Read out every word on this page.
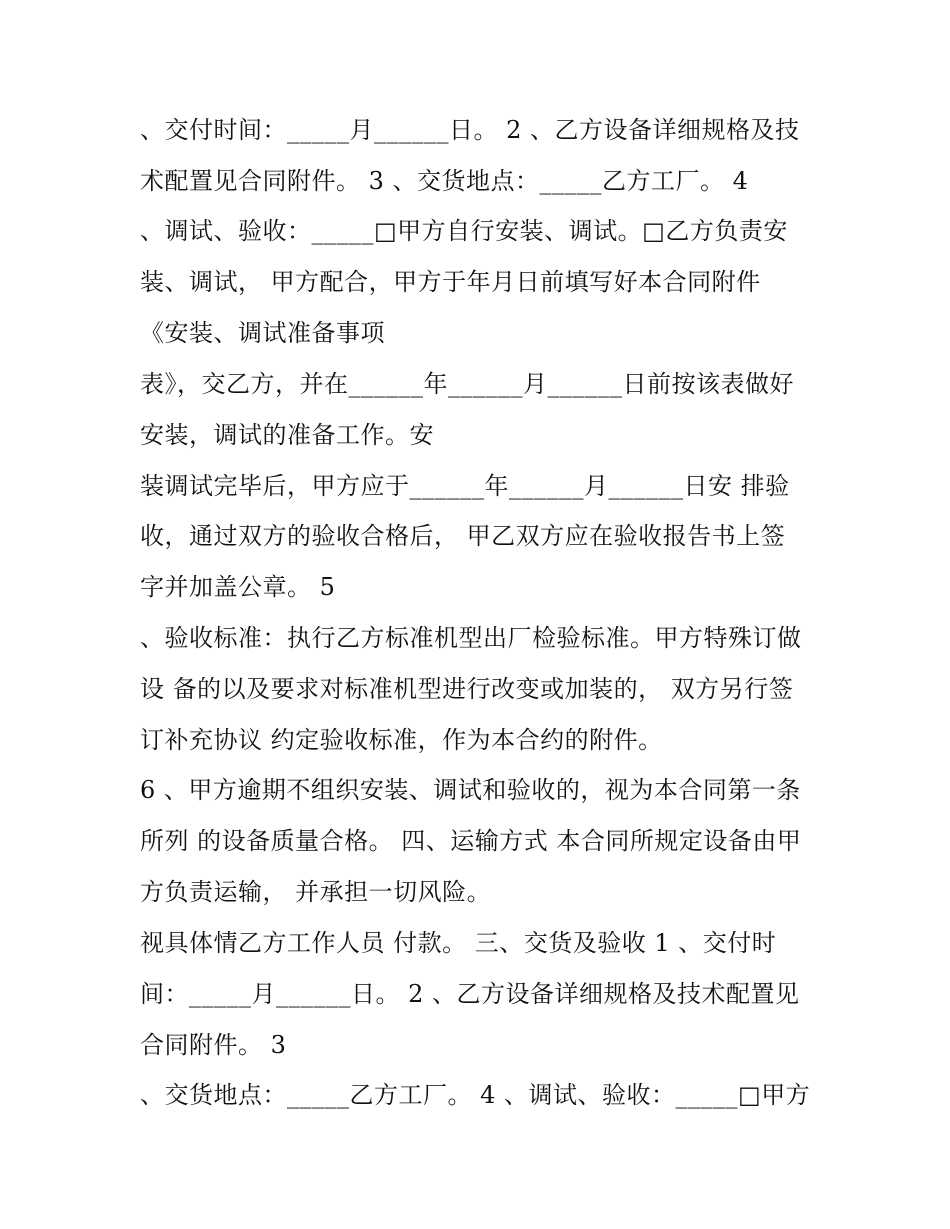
、交付时间：_____月______日。 2 、乙方设备详细规格及技
术配置见合同附件。 3 、交货地点：_____乙方工厂。 4
、调试、验收：_____□甲方自行安装、调试。□乙方负责安
装、调试， 甲方配合，甲方于年月日前填写好本合同附件
《安装、调试准备事项
表》，交乙方，并在______年______月______日前按该表做好
安装，调试的准备工作。安
装调试完毕后，甲方应于______年______月______日安 排验
收，通过双方的验收合格后， 甲乙双方应在验收报告书上签
字并加盖公章。 5
、验收标准：执行乙方标准机型出厂检验标准。甲方特殊订做
设 备的以及要求对标准机型进行改变或加装的， 双方另行签
订补充协议 约定验收标准，作为本合约的附件。
6 、甲方逾期不组织安装、调试和验收的，视为本合同第一条
所列 的设备质量合格。 四、运输方式 本合同所规定设备由甲
方负责运输， 并承担一切风险。
视具体情乙方工作人员 付款。 三、交货及验收 1 、交付时
间：_____月______日。 2 、乙方设备详细规格及技术配置见
合同附件。 3
、交货地点：_____乙方工厂。 4 、调试、验收：_____□甲方
